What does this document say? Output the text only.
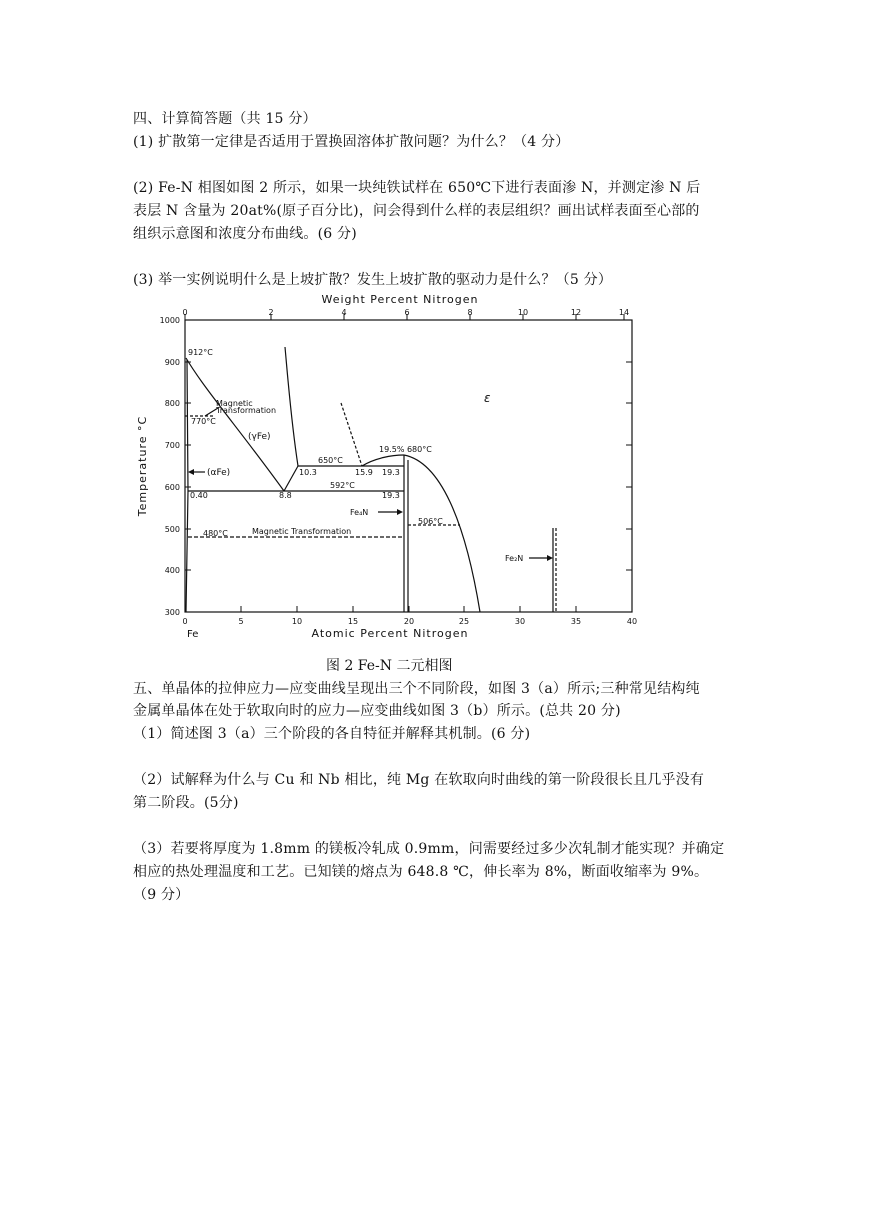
四、计算简答题（共 15 分）
(1) 扩散第一定律是否适用于置换固溶体扩散问题？为什么？（4 分）
(2) Fe-N 相图如图 2 所示，如果一块纯铁试样在 650℃下进行表面渗 N，并测定渗 N 后
表层 N 含量为 20at%(原子百分比)，问会得到什么样的表层组织？画出试样表面至心部的
组织示意图和浓度分布曲线。(6 分)
(3) 举一实例说明什么是上坡扩散？发生上坡扩散的驱动力是什么？（5 分）
Weight Percent Nitrogen
Atomic Percent Nitrogen
Temperature °C
Fe
0	2	4	6	8	10	12	14
0	5	10	15	20	25	30	35	40
1000
900
800
700
600
500
400
300
912°C
Magnetic
Transformation
770°C
(γFe)
(αFe)
650°C
10.3	15.9 19.3
19.5% 680°C
0.40	8.8
592°C
19.3
Fe₄N
480°C	Magnetic Transformation
506°C
Fe₂N
ε
图 2 Fe-N 二元相图
五、单晶体的拉伸应力—应变曲线呈现出三个不同阶段，如图 3（a）所示;三种常见结构纯
金属单晶体在处于软取向时的应力—应变曲线如图 3（b）所示。(总共 20 分)
（1）简述图 3（a）三个阶段的各自特征并解释其机制。(6 分)
（2）试解释为什么与 Cu 和 Nb 相比，纯 Mg 在软取向时曲线的第一阶段很长且几乎没有
第二阶段。(5分)
（3）若要将厚度为 1.8mm 的镁板冷轧成 0.9mm，问需要经过多少次轧制才能实现？并确定
相应的热处理温度和工艺。已知镁的熔点为 648.8 ℃，伸长率为 8%，断面收缩率为 9%。
（9 分）
